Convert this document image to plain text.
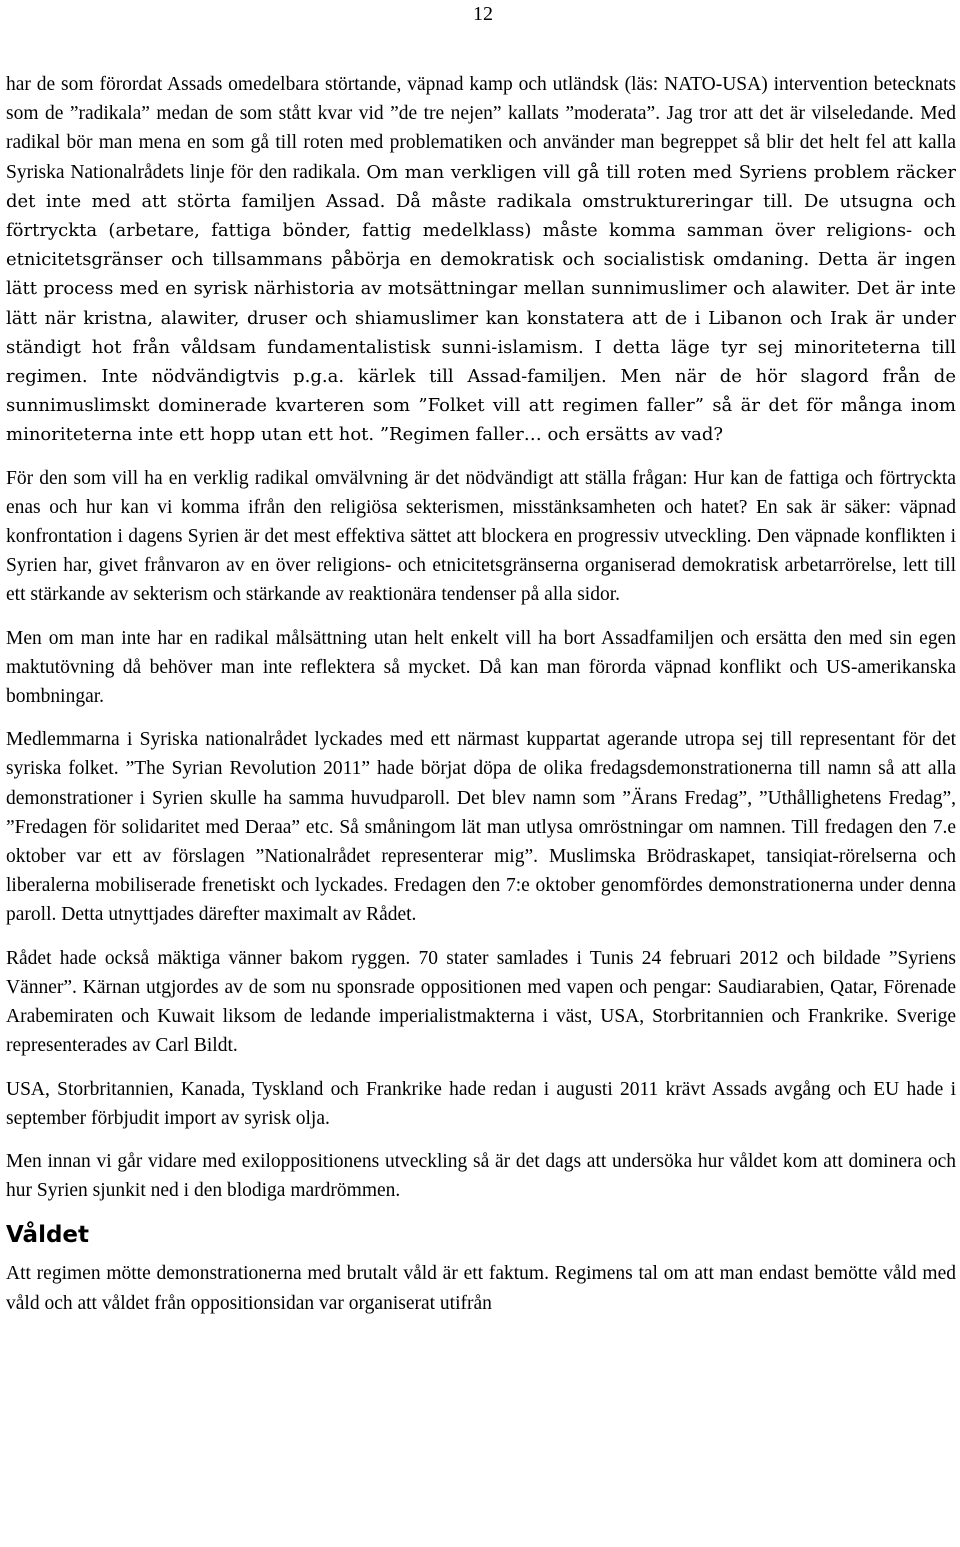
12

har de som förordat Assads omedelbara störtande, väpnad kamp och utländsk (läs: NATO-USA) intervention betecknats som de ”radikala” medan de som stått kvar vid ”de tre nejen” kallats ”moderata”. Jag tror att det är vilseledande. Med radikal bör man mena en som gå till roten med problematiken och använder man begreppet så blir det helt fel att kalla Syriska Nationalrådets linje för den radikala. Om man verkligen vill gå till roten med Syriens problem räcker det inte med att störta familjen Assad. Då måste radikala omstruktureringar till. De utsugna och förtryckta (arbetare, fattiga bönder, fattig medelklass) måste komma samman över religions- och etnicitetsgränser och tillsammans påbörja en demokratisk och socialistisk omdaning. Detta är ingen lätt process med en syrisk närhistoria av motsättningar mellan sunnimuslimer och alawiter. Det är inte lätt när kristna, alawiter, druser och shiamuslimer kan konstatera att de i Libanon och Irak är under ständigt hot från våldsam fundamentalistisk sunni-islamism. I detta läge tyr sej minoriteterna till regimen. Inte nödvändigtvis p.g.a. kärlek till Assad-familjen. Men när de hör slagord från de sunnimuslimskt dominerade kvarteren som ”Folket vill att regimen faller” så är det för många inom minoriteterna inte ett hopp utan ett hot. ”Regimen faller… och ersätts av vad?

För den som vill ha en verklig radikal omvälvning är det nödvändigt att ställa frågan: Hur kan de fattiga och förtryckta enas och hur kan vi komma ifrån den religiösa sekterismen, misstänksamheten och hatet? En sak är säker: väpnad konfrontation i dagens Syrien är det mest effektiva sättet att blockera en progressiv utveckling. Den väpnade konflikten i Syrien har, givet frånvaron av en över religions- och etnicitetsgränserna organiserad demokratisk arbetarrörelse, lett till ett stärkande av sekterism och stärkande av reaktionära tendenser på alla sidor.

Men om man inte har en radikal målsättning utan helt enkelt vill ha bort Assadfamiljen och ersätta den med sin egen maktutövning då behöver man inte reflektera så mycket. Då kan man förorda väpnad konflikt och US-amerikanska bombningar.

Medlemmarna i Syriska nationalrådet lyckades med ett närmast kuppartat agerande utropa sej till representant för det syriska folket. ”The Syrian Revolution 2011” hade börjat döpa de olika fredagsdemonstrationerna till namn så att alla demonstrationer i Syrien skulle ha samma huvudparoll. Det blev namn som ”Ärans Fredag”, ”Uthållighetens Fredag”, ”Fredagen för solidaritet med Deraa” etc. Så småningom lät man utlysa omröstningar om namnen. Till fredagen den 7.e oktober var ett av förslagen ”Nationalrådet representerar mig”. Muslimska Brödraskapet, tansiqiat-rörelserna och liberalerna mobiliserade frenetiskt och lyckades. Fredagen den 7:e oktober genomfördes demonstrationerna under denna paroll. Detta utnyttjades därefter maximalt av Rådet.

Rådet hade också mäktiga vänner bakom ryggen. 70 stater samlades i Tunis 24 februari 2012 och bildade ”Syriens Vänner”. Kärnan utgjordes av de som nu sponsrade oppositionen med vapen och pengar: Saudiarabien, Qatar, Förenade Arabemiraten och Kuwait liksom de ledande imperialistmakterna i väst, USA, Storbritannien och Frankrike. Sverige representerades av Carl Bildt.

USA, Storbritannien, Kanada, Tyskland och Frankrike hade redan i augusti 2011 krävt Assads avgång och EU hade i september förbjudit import av syrisk olja.

Men innan vi går vidare med exiloppositionens utveckling så är det dags att undersöka hur våldet kom att dominera och hur Syrien sjunkit ned i den blodiga mardrömmen.

Våldet

Att regimen mötte demonstrationerna med brutalt våld är ett faktum. Regimens tal om att man endast bemötte våld med våld och att våldet från oppositionsidan var organiserat utifrån
